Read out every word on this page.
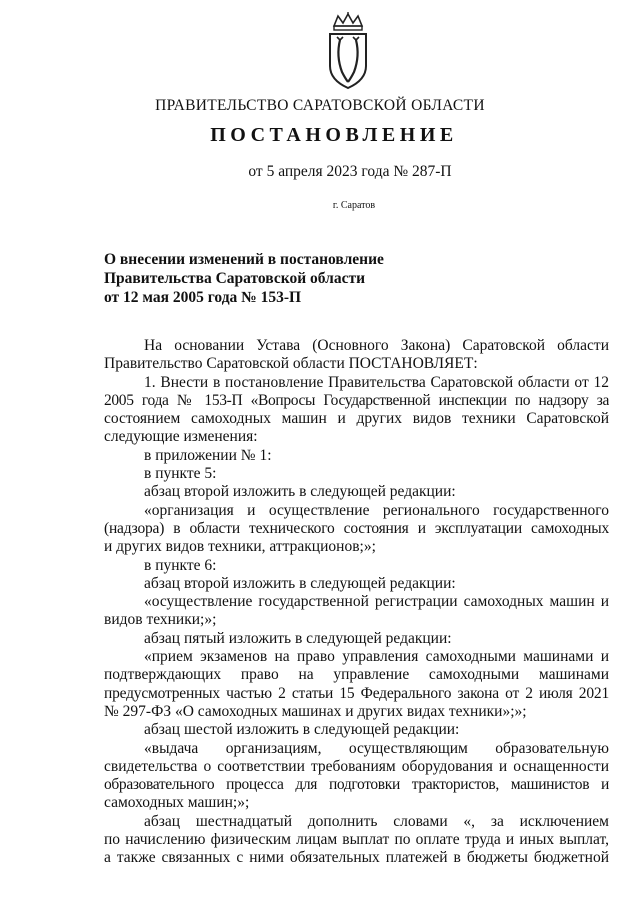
ПРАВИТЕЛЬСТВО САРАТОВСКОЙ ОБЛАСТИ
ПОСТАНОВЛЕНИЕ
от 5 апреля 2023 года № 287-П
г. Саратов
О внесении изменений в постановление
Правительства Саратовской области
от 12 мая 2005 года № 153-П
На основании Устава (Основного Закона) Саратовской области
Правительство Саратовской области ПОСТАНОВЛЯЕТ:
1. Внести в постановление Правительства Саратовской области от 12
2005 года № 153-П «Вопросы Государственной инспекции по надзору за
состоянием самоходных машин и других видов техники Саратовской
следующие изменения:
в приложении № 1:
в пункте 5:
абзац второй изложить в следующей редакции:
«организация и осуществление регионального государственного
(надзора) в области технического состояния и эксплуатации самоходных
и других видов техники, аттракционов;»;
в пункте 6:
абзац второй изложить в следующей редакции:
«осуществление государственной регистрации самоходных машин и
видов техники;»;
абзац пятый изложить в следующей редакции:
«прием экзаменов на право управления самоходными машинами и
подтверждающих право на управление самоходными машинами
предусмотренных частью 2 статьи 15 Федерального закона от 2 июля 2021
№ 297-ФЗ «О самоходных машинах и других видах техники»;»;
абзац шестой изложить в следующей редакции:
«выдача организациям, осуществляющим образовательную
свидетельства о соответствии требованиям оборудования и оснащенности
образовательного процесса для подготовки трактористов, машинистов и
самоходных машин;»;
абзац шестнадцатый дополнить словами «, за исключением
по начислению физическим лицам выплат по оплате труда и иных выплат,
а также связанных с ними обязательных платежей в бюджеты бюджетной
